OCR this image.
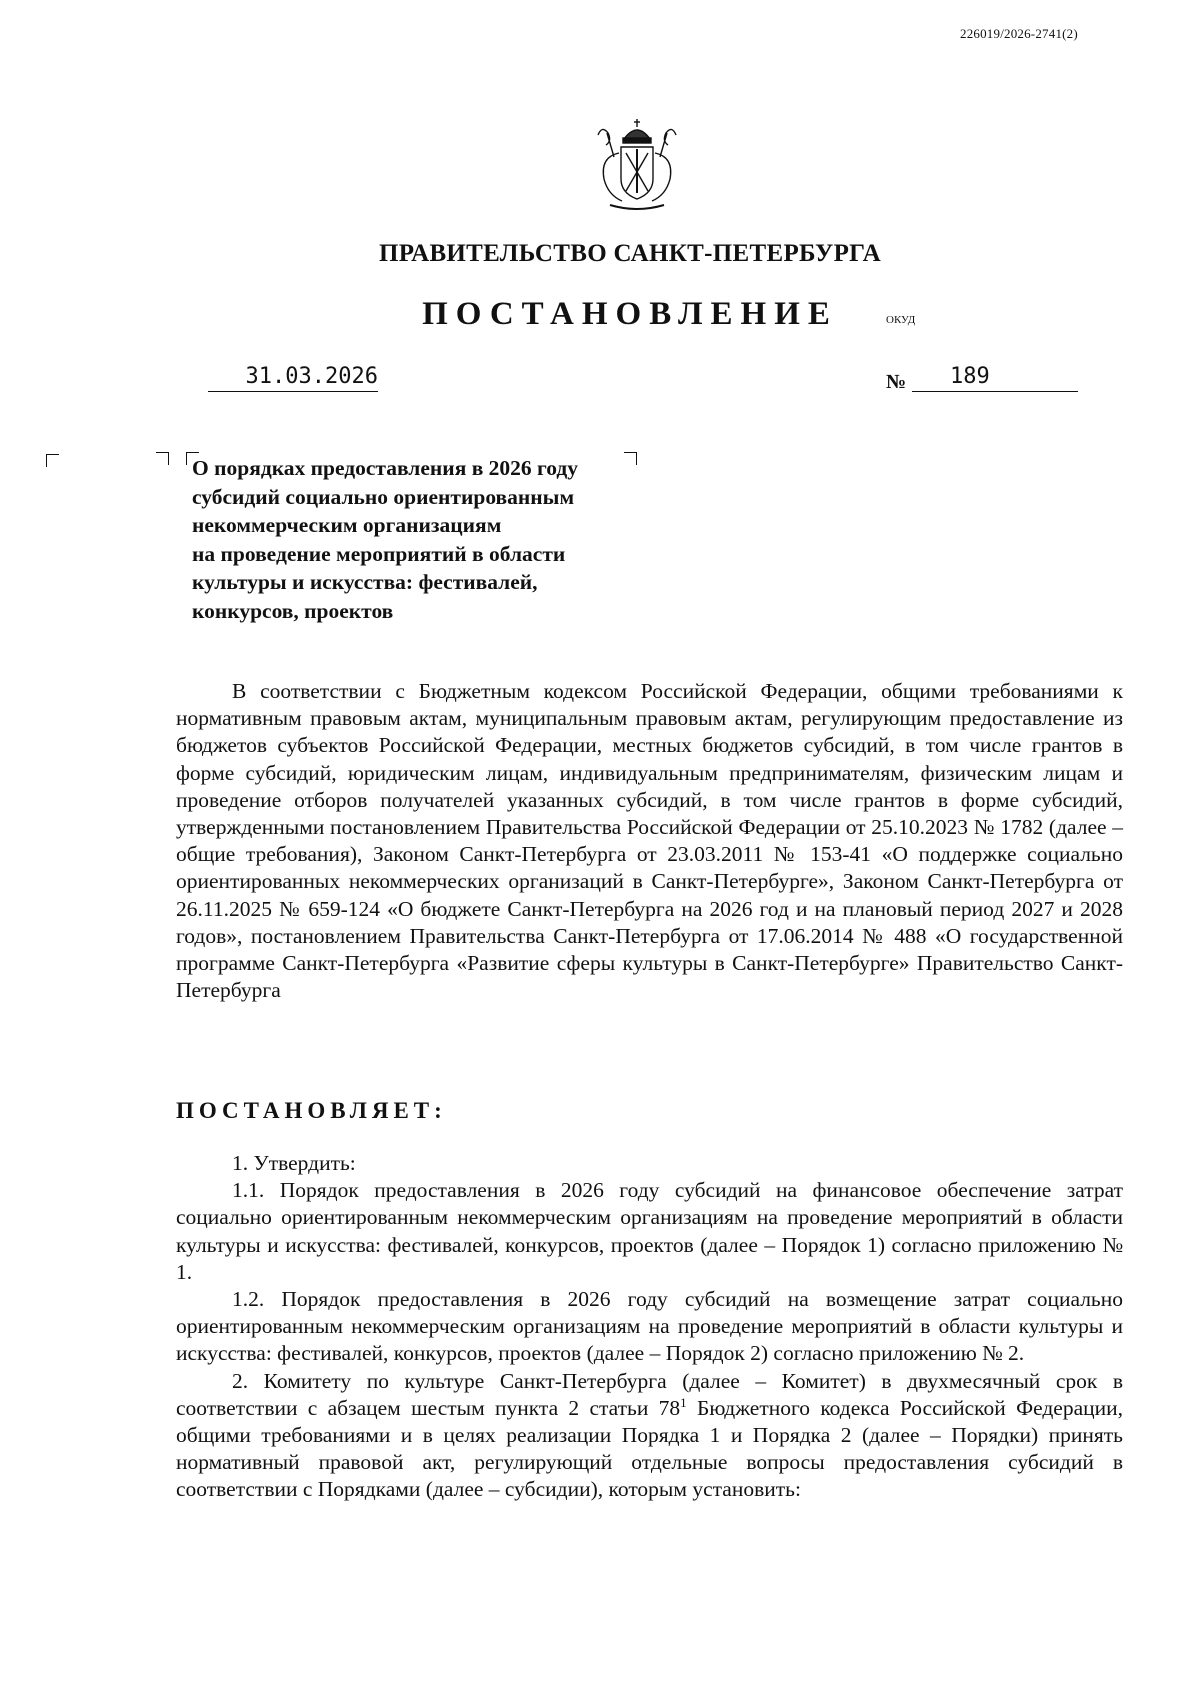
226019/2026-2741(2)
ПРАВИТЕЛЬСТВО САНКТ-ПЕТЕРБУРГА
ПОСТАНОВЛЕНИЕ	ОКУД
31.03.2026	№	189
О порядках предоставления в 2026 году
субсидий социально ориентированным
некоммерческим организациям
на проведение мероприятий в области
культуры и искусства: фестивалей,
конкурсов, проектов

В соответствии с Бюджетным кодексом Российской Федерации, общими требованиями к нормативным правовым актам, муниципальным правовым актам, регулирующим предоставление из бюджетов субъектов Российской Федерации, местных бюджетов субсидий, в том числе грантов в форме субсидий, юридическим лицам, индивидуальным предпринимателям, физическим лицам и проведение отборов получателей указанных субсидий, в том числе грантов в форме субсидий, утвержденными постановлением Правительства Российской Федерации от 25.10.2023 № 1782 (далее – общие требования), Законом Санкт-Петербурга от 23.03.2011 № 153-41 «О поддержке социально ориентированных некоммерческих организаций в Санкт-Петербурге», Законом Санкт-Петербурга от 26.11.2025 № 659-124 «О бюджете Санкт-Петербурга на 2026 год и на плановый период 2027 и 2028 годов», постановлением Правительства Санкт-Петербурга от 17.06.2014 № 488 «О государственной программе Санкт-Петербурга «Развитие сферы культуры в Санкт-Петербурге» Правительство Санкт-Петербурга

ПОСТАНОВЛЯЕТ:

1. Утвердить:

1.1. Порядок предоставления в 2026 году субсидий на финансовое обеспечение затрат социально ориентированным некоммерческим организациям на проведение мероприятий в области культуры и искусства: фестивалей, конкурсов, проектов (далее – Порядок 1) согласно приложению № 1.

1.2. Порядок предоставления в 2026 году субсидий на возмещение затрат социально ориентированным некоммерческим организациям на проведение мероприятий в области культуры и искусства: фестивалей, конкурсов, проектов (далее – Порядок 2) согласно приложению № 2.

2. Комитету по культуре Санкт-Петербурга (далее – Комитет) в двухмесячный срок в соответствии с абзацем шестым пункта 2 статьи $78^1$ Бюджетного кодекса Российской Федерации, общими требованиями и в целях реализации Порядка 1 и Порядка 2 (далее – Порядки) принять нормативный правовой акт, регулирующий отдельные вопросы предоставления субсидий в соответствии с Порядками (далее – субсидии), которым установить:
